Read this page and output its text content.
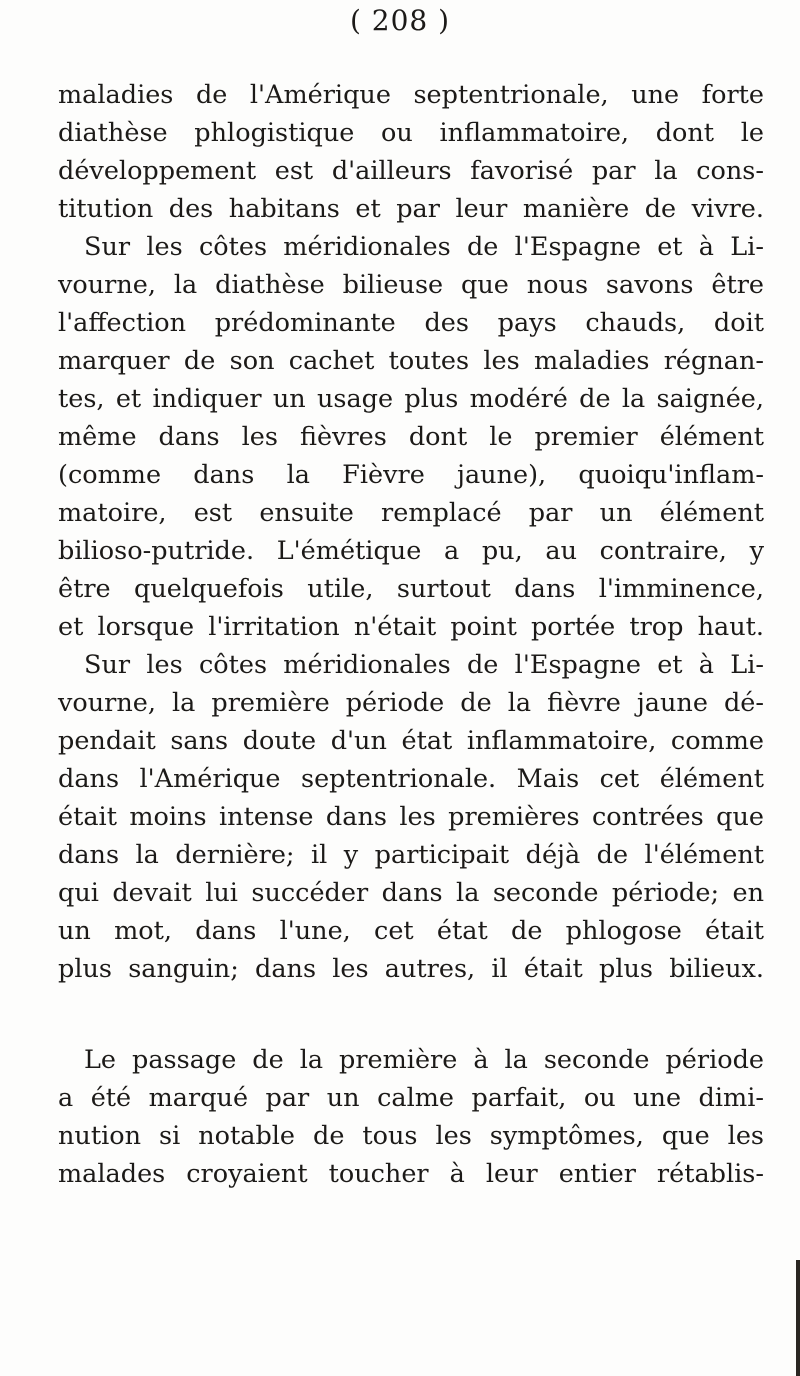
( 208 )
maladies de l'Amérique septentrionale, une forte
diathèse phlogistique ou inflammatoire, dont le
développement est d'ailleurs favorisé par la cons-
titution des habitans et par leur manière de vivre.
Sur les côtes méridionales de l'Espagne et à Li-
vourne, la diathèse bilieuse que nous savons être
l'affection prédominante des pays chauds, doit
marquer de son cachet toutes les maladies régnan-
tes, et indiquer un usage plus modéré de la saignée,
même dans les fièvres dont le premier élément
(comme dans la Fièvre jaune), quoiqu'inflam-
matoire, est ensuite remplacé par un élément
bilioso-putride. L'émétique a pu, au contraire, y
être quelquefois utile, surtout dans l'imminence,
et lorsque l'irritation n'était point portée trop haut.
Sur les côtes méridionales de l'Espagne et à Li-
vourne, la première période de la fièvre jaune dé-
pendait sans doute d'un état inflammatoire, comme
dans l'Amérique septentrionale. Mais cet élément
était moins intense dans les premières contrées que
dans la dernière; il y participait déjà de l'élément
qui devait lui succéder dans la seconde période; en
un mot, dans l'une, cet état de phlogose était
plus sanguin; dans les autres, il était plus bilieux.
Le passage de la première à la seconde période
a été marqué par un calme parfait, ou une dimi-
nution si notable de tous les symptômes, que les
malades croyaient toucher à leur entier rétablis-
